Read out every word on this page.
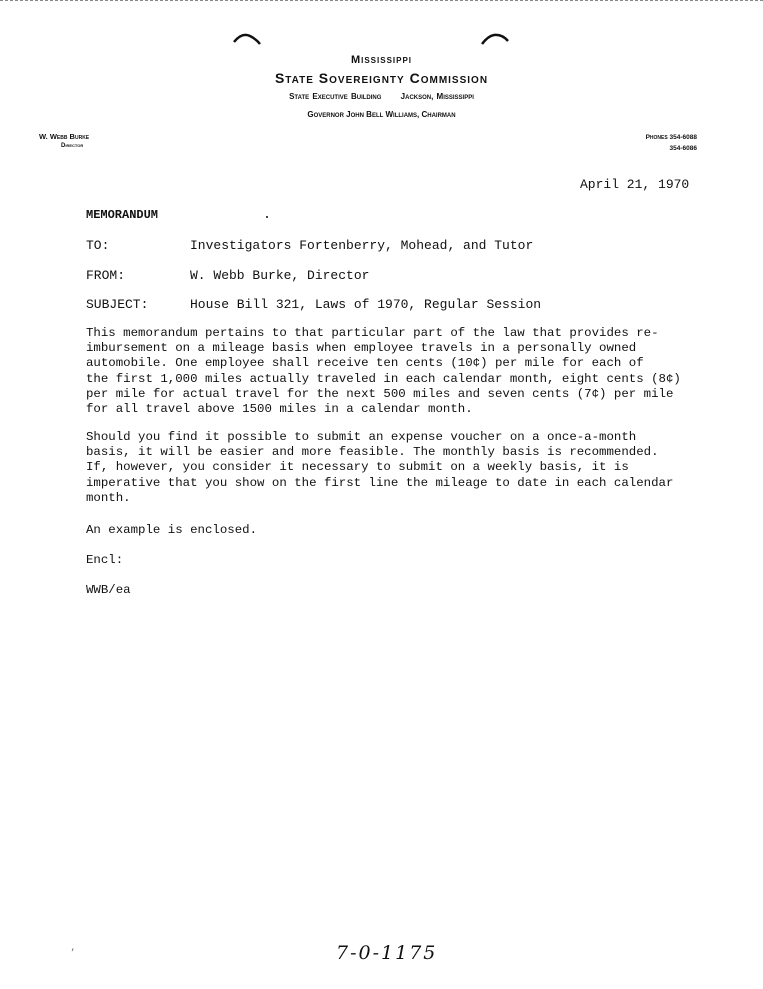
Mississippi
State Sovereignty Commission
State Executive Building Jackson, Mississippi
Governor John Bell Williams, Chairman
W. Webb Burke
Director
Phones 354-6088
354-6086
April 21, 1970
MEMORANDUM
TO:	Investigators Fortenberry, Mohead, and Tutor
FROM:	W. Webb Burke, Director
SUBJECT:	House Bill 321, Laws of 1970, Regular Session
This memorandum pertains to that particular part of the law that provides re-
imbursement on a mileage basis when employee travels in a personally owned
automobile. One employee shall receive ten cents (10¢) per mile for each of
the first 1,000 miles actually traveled in each calendar month, eight cents (8¢)
per mile for actual travel for the next 500 miles and seven cents (7¢) per mile
for all travel above 1500 miles in a calendar month.
Should you find it possible to submit an expense voucher on a once-a-month
basis, it will be easier and more feasible. The monthly basis is recommended.
If, however, you consider it necessary to submit on a weekly basis, it is
imperative that you show on the first line the mileage to date in each calendar
month.
An example is enclosed.
Encl:
WWB/ea
’	7-0-1175
